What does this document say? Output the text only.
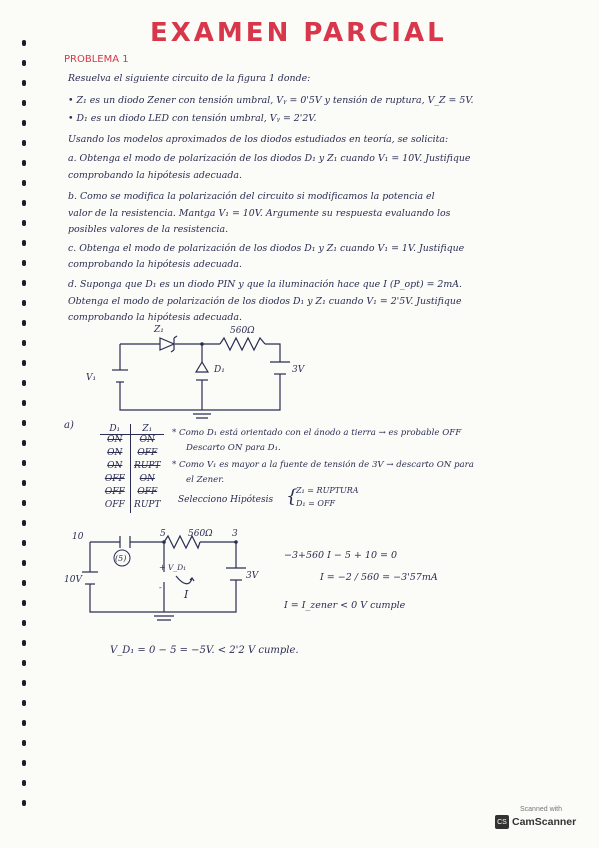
EXAMEN PARCIAL
PROBLEMA 1
Resuelva el siguiente circuito de la figura 1 donde:
• Z₁ es un diodo Zener con tensión umbral, Vᵧ = 0'5V y tensión de ruptura, V_Z = 5V.
• D₁ es un diodo LED con tensión umbral, Vᵧ = 2'2V.
Usando los modelos aproximados de los diodos estudiados en teoría, se solicita:
a. Obtenga el modo de polarización de los diodos D₁ y Z₁ cuando V₁ = 10V. Justifique
comprobando la hipótesis adecuada.
b. Como se modifica la polarización del circuito si modificamos la potencia el
valor de la resistencia. Mantga V₁ = 10V. Argumente su respuesta evaluando los
posibles valores de la resistencia.
c. Obtenga el modo de polarización de los diodos D₁ y Z₁ cuando V₁ = 1V. Justifique
comprobando la hipótesis adecuada.
d. Suponga que D₁ es un diodo PIN y que la iluminación hace que I (P_opt) = 2mA.
Obtenga el modo de polarización de los diodos D₁ y Z₁ cuando V₁ = 2'5V. Justifique
comprobando la hipótesis adecuada.
Z₁	560Ω
D₁
V₁
3V
a)	D₁	Z₁
ON	ON
ON	OFF
ON	RUPT
OFF	ON
OFF	OFF
OFF	RUPT
* Como D₁ está orientado con el ánodo a tierra → es probable OFF
Descarto ON para D₁.
* Como V₁ es mayor a la fuente de tensión de 3V → descarto ON para
el Zener.
Selecciono Hipótesis {
Z₁ = RUPTURA
D₁ = OFF
(5)
10	5	3
560Ω
10V	3V
V_D₁
+
-
I
−3+560 I − 5 + 10 = 0
I = −2 / 560 = −3'57mA
I = I_zener < 0 V cumple
V_D₁ = 0 − 5 = −5V. < 2'2 V cumple.
Scanned with
CS CamScanner
